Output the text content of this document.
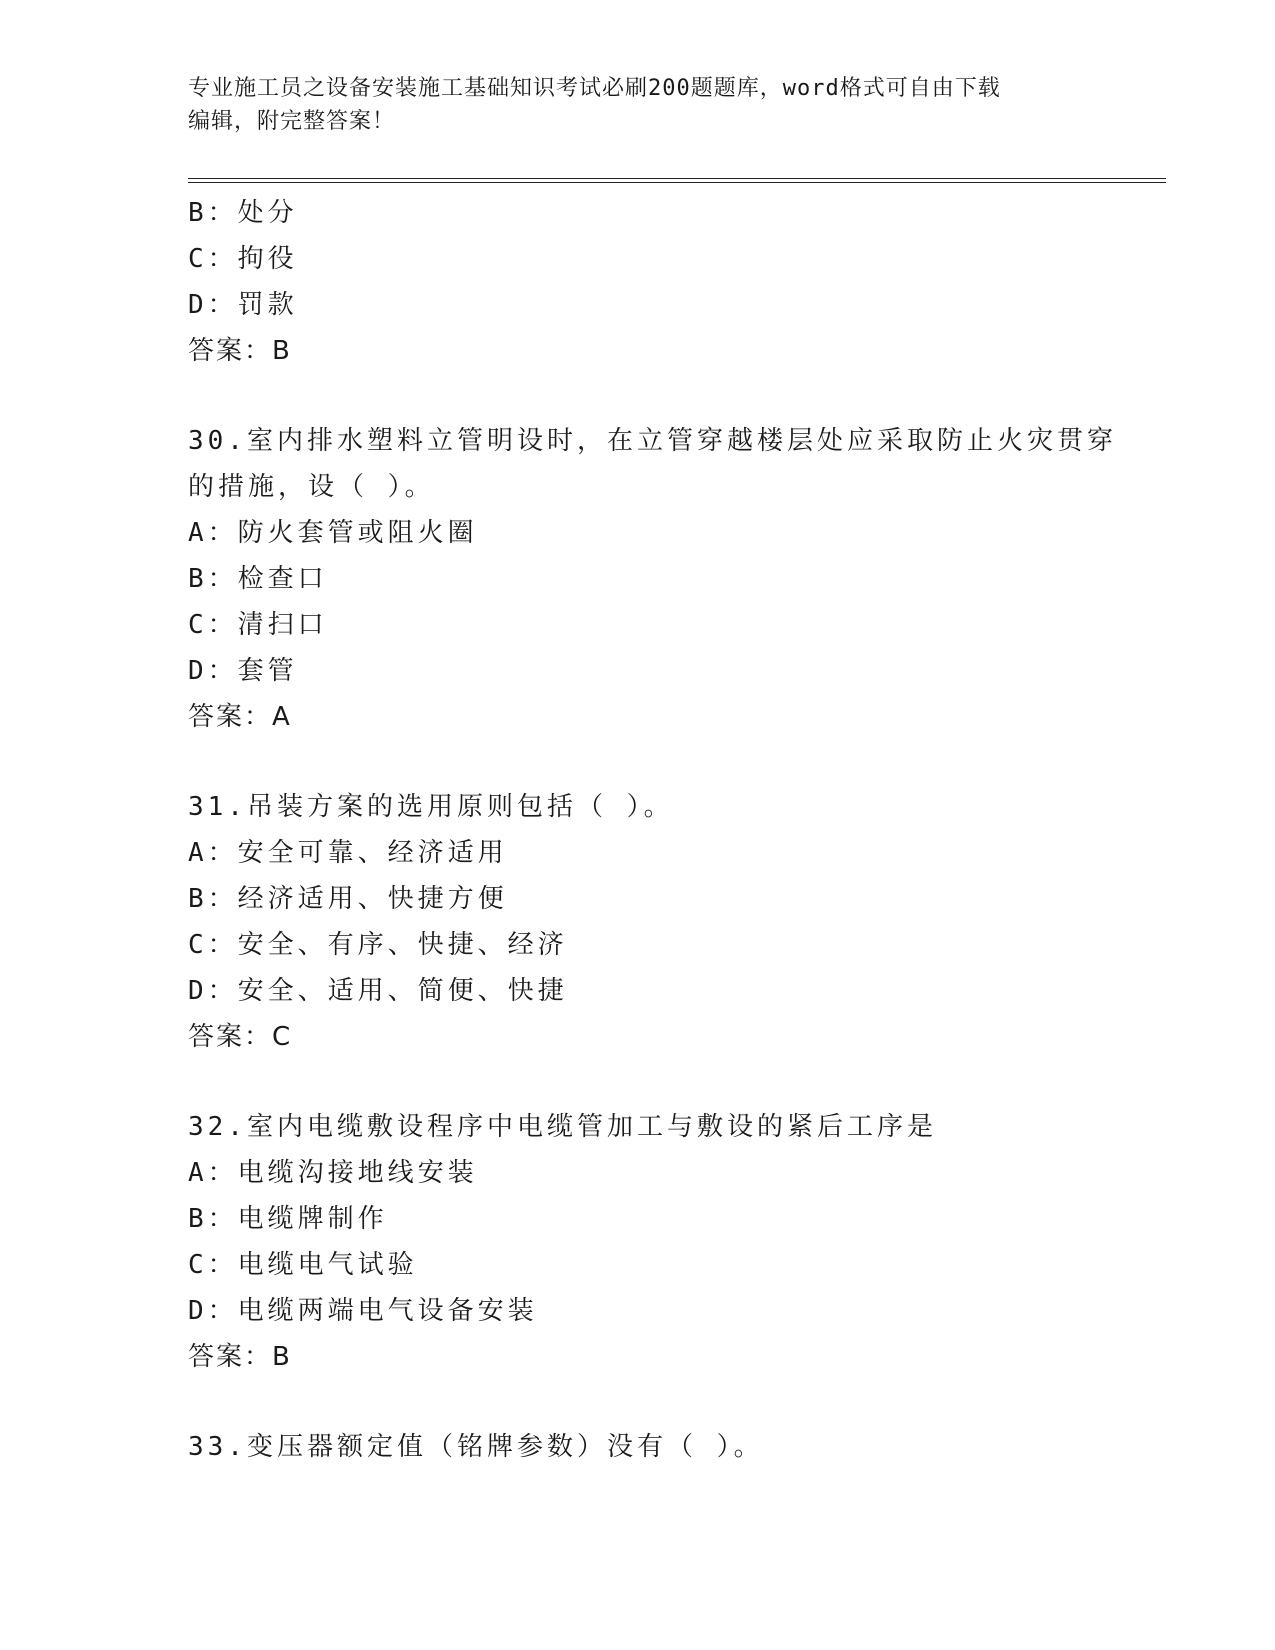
专业施工员之设备安装施工基础知识考试必刷200题题库，word格式可自由下载
编辑，附完整答案！
B：处分
C：拘役
D：罚款
答案：B
30.室内排水塑料立管明设时，在立管穿越楼层处应采取防止火灾贯穿
的措施，设（ ）。
A：防火套管或阻火圈
B：检查口
C：清扫口
D：套管
答案：A
31.吊装方案的选用原则包括（ ）。
A：安全可靠、经济适用
B：经济适用、快捷方便
C：安全、有序、快捷、经济
D：安全、适用、简便、快捷
答案：C
32.室内电缆敷设程序中电缆管加工与敷设的紧后工序是
A：电缆沟接地线安装
B：电缆牌制作
C：电缆电气试验
D：电缆两端电气设备安装
答案：B
33.变压器额定值（铭牌参数）没有（ ）。
